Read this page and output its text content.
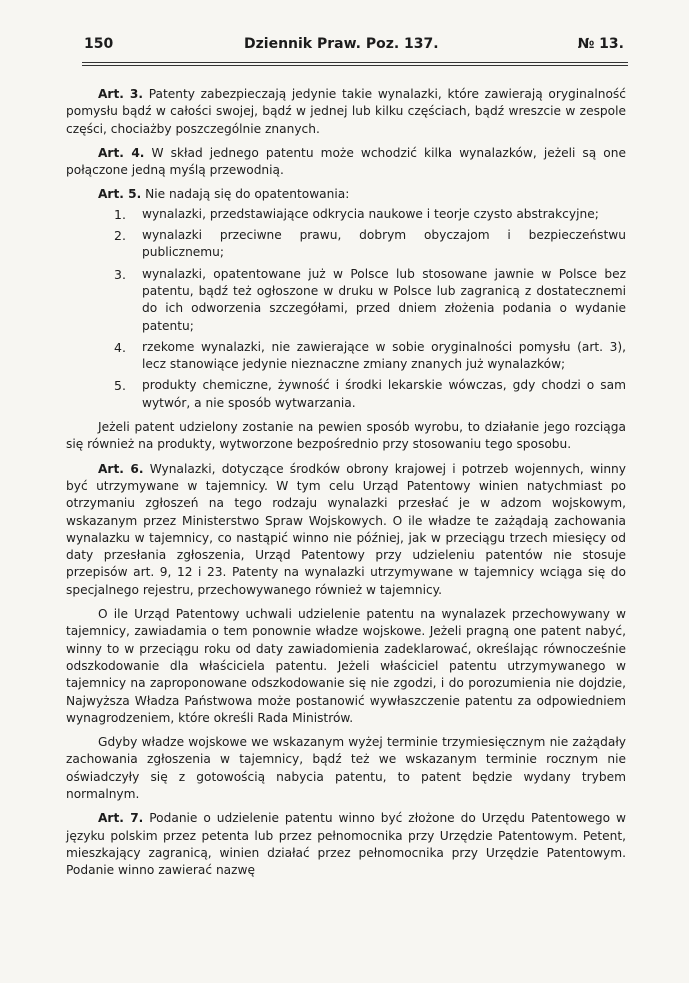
150	Dziennik Praw. Poz. 137.	№ 13.

Art. 3. Patenty zabezpieczają jedynie takie wynalazki, które zawierają oryginalność pomysłu bądź w całości swojej, bądź w jednej lub kilku częściach, bądź wreszcie w zespole części, chociażby poszczególnie znanych.

Art. 4. W skład jednego patentu może wchodzić kilka wynalazków, jeżeli są one połączone jedną myślą przewodnią.

Art. 5. Nie nadają się do opatentowania:

1. wynalazki, przedstawiające odkrycia naukowe i teorje czysto abstrakcyjne;
2. wynalazki przeciwne prawu, dobrym obyczajom i bezpieczeństwu publicznemu;
3. wynalazki, opatentowane już w Polsce lub stosowane jawnie w Polsce bez patentu, bądź też ogłoszone w druku w Polsce lub zagranicą z dostatecznemi do ich odworzenia szczegółami, przed dniem złożenia podania o wydanie patentu;
4. rzekome wynalazki, nie zawierające w sobie oryginalności pomysłu (art. 3), lecz stanowiące jedynie nieznaczne zmiany znanych już wynalazków;
5. produkty chemiczne, żywność i środki lekarskie wówczas, gdy chodzi o sam wytwór, a nie sposób wytwarzania.

Jeżeli patent udzielony zostanie na pewien sposób wyrobu, to działanie jego rozciąga się również na produkty, wytworzone bezpośrednio przy stosowaniu tego sposobu.

Art. 6. Wynalazki, dotyczące środków obrony krajowej i potrzeb wojennych, winny być utrzymywane w tajemnicy. W tym celu Urząd Patentowy winien natychmiast po otrzymaniu zgłoszeń na tego rodzaju wynalazki przesłać je w adzom wojskowym, wskazanym przez Ministerstwo Spraw Wojskowych. O ile władze te zażądają zachowania wynalazku w tajemnicy, co nastąpić winno nie później, jak w przeciągu trzech miesięcy od daty przesłania zgłoszenia, Urząd Patentowy przy udzieleniu patentów nie stosuje przepisów art. 9, 12 i 23. Patenty na wynalazki utrzymywane w tajemnicy wciąga się do specjalnego rejestru, przechowywanego również w tajemnicy.

O ile Urząd Patentowy uchwali udzielenie patentu na wynalazek przechowywany w tajemnicy, zawiadamia o tem ponownie władze wojskowe. Jeżeli pragną one patent nabyć, winny to w przeciągu roku od daty zawiadomienia zadeklarować, określając równocześnie odszkodowanie dla właściciela patentu. Jeżeli właściciel patentu utrzymywanego w tajemnicy na zaproponowane odszkodowanie się nie zgodzi, i do porozumienia nie dojdzie, Najwyższa Władza Państwowa może postanowić wywłaszczenie patentu za odpowiedniem wynagrodzeniem, które określi Rada Ministrów.

Gdyby władze wojskowe we wskazanym wyżej terminie trzymiesięcznym nie zażądały zachowania zgłoszenia w tajemnicy, bądź też we wskazanym terminie rocznym nie oświadczyły się z gotowością nabycia patentu, to patent będzie wydany trybem normalnym.

Art. 7. Podanie o udzielenie patentu winno być złożone do Urzędu Patentowego w języku polskim przez petenta lub przez pełnomocnika przy Urzędzie Patentowym. Petent, mieszkający zagranicą, winien działać przez pełnomocnika przy Urzędzie Patentowym. Podanie winno zawierać nazwę
